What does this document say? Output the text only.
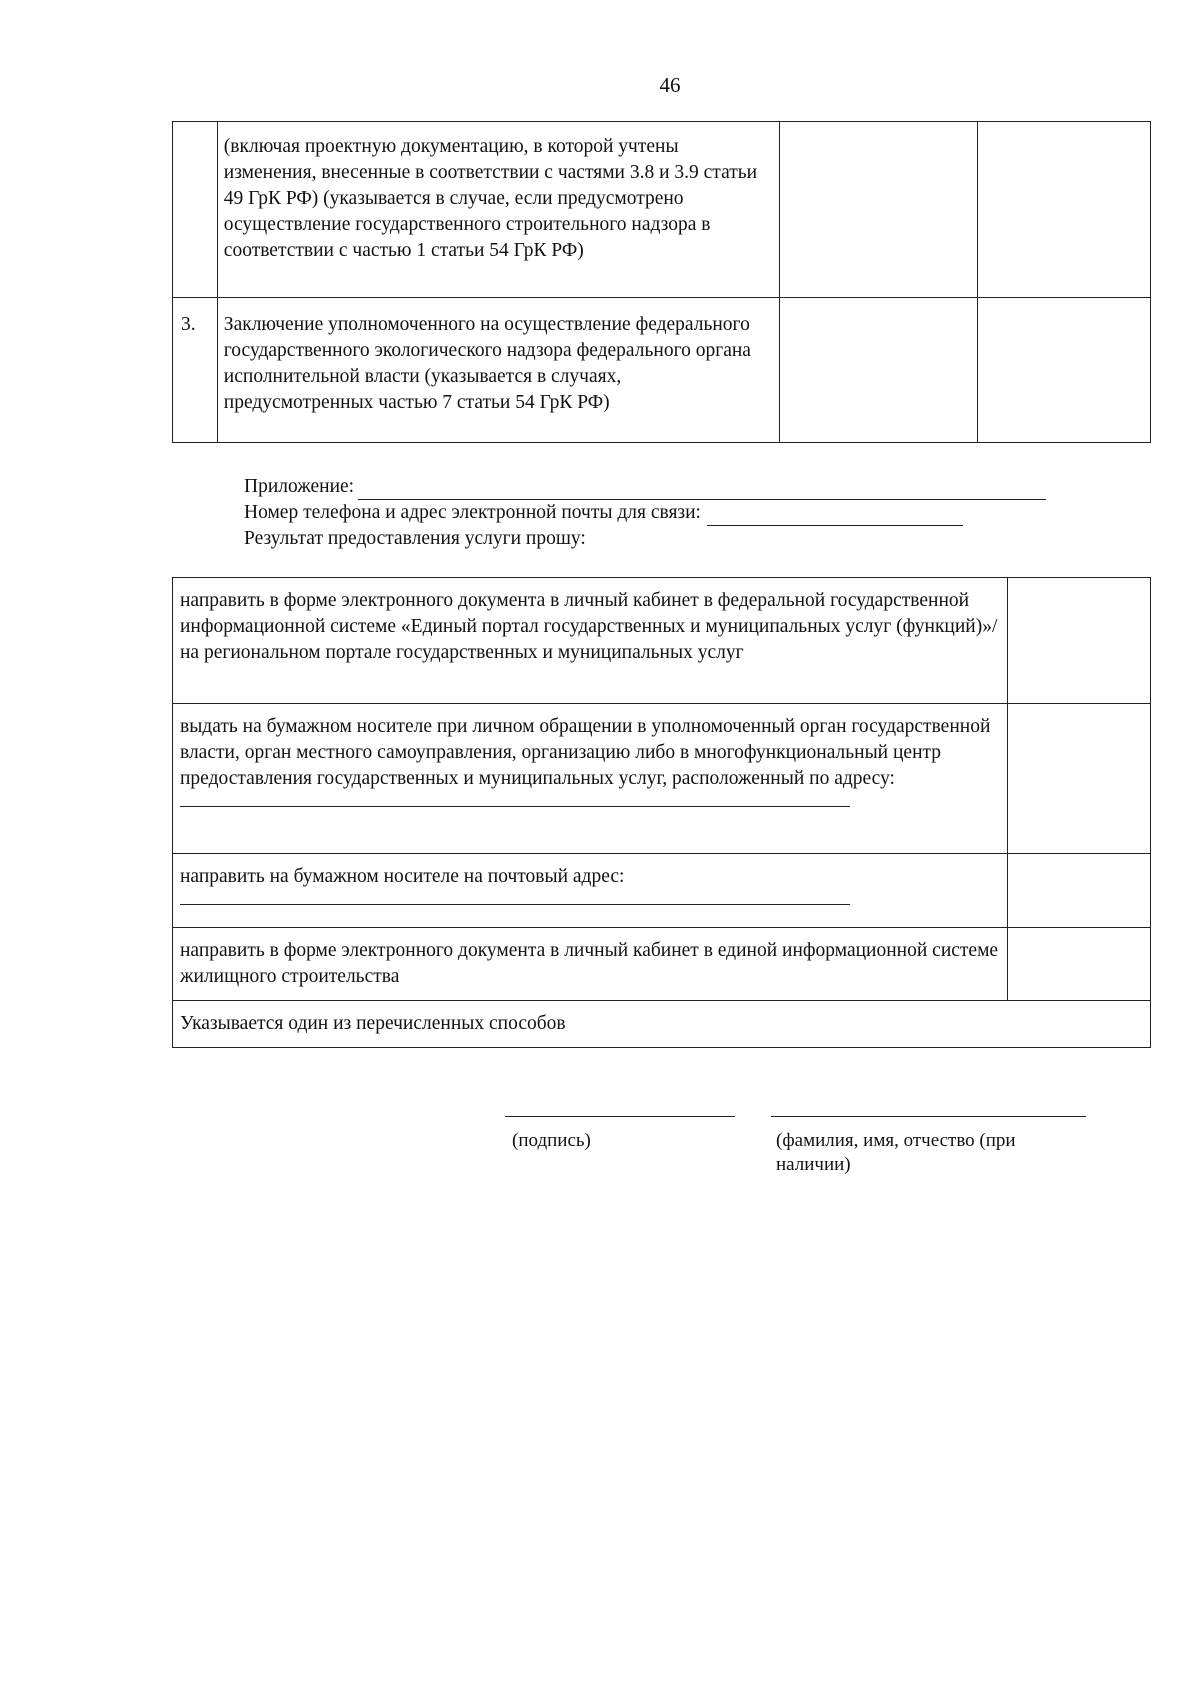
46
	(включая проектную документацию, в которой учтены изменения, внесенные в соответствии с частями 3.8 и 3.9 статьи 49 ГрК РФ) (указывается в случае, если предусмотрено осуществление государственного строительного надзора в соответствии с частью 1 статьи 54 ГрК РФ)		
3.	Заключение уполномоченного на осуществление федерального государственного экологического надзора федерального органа исполнительной власти (указывается в случаях, предусмотренных частью 7 статьи 54 ГрК РФ)		
Приложение:
Номер телефона и адрес электронной почты для связи:
Результат предоставления услуги прошу:
направить в форме электронного документа в личный кабинет в федеральной государственной информационной системе «Единый портал государственных и муниципальных услуг (функций)»/на региональном портале государственных и муниципальных услуг	

выдать на бумажном носителе при личном обращении в уполномоченный орган государственной власти, орган местного самоуправления, организацию либо в многофункциональный центр предоставления государственных и муниципальных услуг, расположенный по адресу:	

направить на бумажном носителе на почтовый адрес:	

направить в форме электронного документа в личный кабинет в единой информационной системе жилищного строительства	
Указывается один из перечисленных способов	
(подпись)	(фамилия, имя, отчество (при наличии)
